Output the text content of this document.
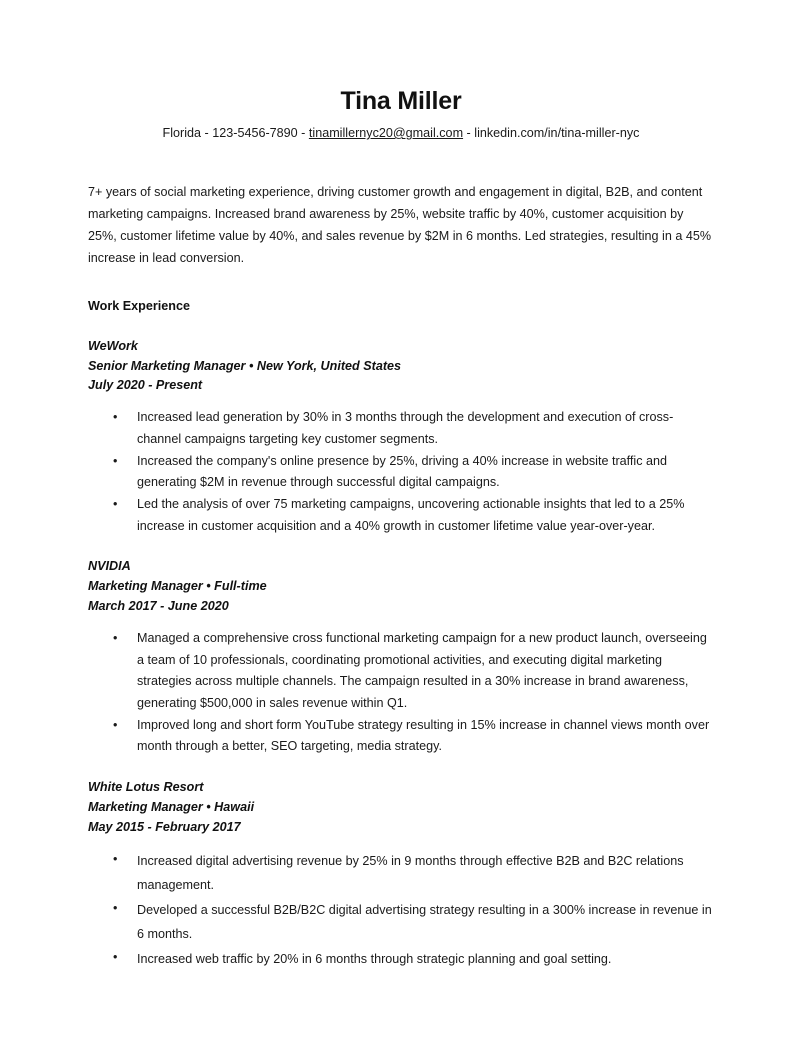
Tina Miller

Florida - 123-5456-7890 - tinamillernyc20@gmail.com - linkedin.com/in/tina-miller-nyc

7+ years of social marketing experience, driving customer growth and engagement in digital, B2B, and content marketing campaigns. Increased brand awareness by 25%, website traffic by 40%, customer acquisition by 25%, customer lifetime value by 40%, and sales revenue by $2M in 6 months. Led strategies, resulting in a 45% increase in lead conversion.

Work Experience

WeWork

Senior Marketing Manager • New York, United States

July 2020 - Present

• Increased lead generation by 30% in 3 months through the development and execution of cross-channel campaigns targeting key customer segments.
• Increased the company's online presence by 25%, driving a 40% increase in website traffic and generating $2M in revenue through successful digital campaigns.
• Led the analysis of over 75 marketing campaigns, uncovering actionable insights that led to a 25% increase in customer acquisition and a 40% growth in customer lifetime value year-over-year.

NVIDIA

Marketing Manager • Full-time

March 2017 - June 2020

• Managed a comprehensive cross functional marketing campaign for a new product launch, overseeing a team of 10 professionals, coordinating promotional activities, and executing digital marketing strategies across multiple channels. The campaign resulted in a 30% increase in brand awareness, generating $500,000 in sales revenue within Q1.
• Improved long and short form YouTube strategy resulting in 15% increase in channel views month over month through a better, SEO targeting, media strategy.

White Lotus Resort

Marketing Manager • Hawaii

May 2015 - February 2017

• Increased digital advertising revenue by 25% in 9 months through effective B2B and B2C relations management.
• Developed a successful B2B/B2C digital advertising strategy resulting in a 300% increase in revenue in 6 months.
• Increased web traffic by 20% in 6 months through strategic planning and goal setting.
